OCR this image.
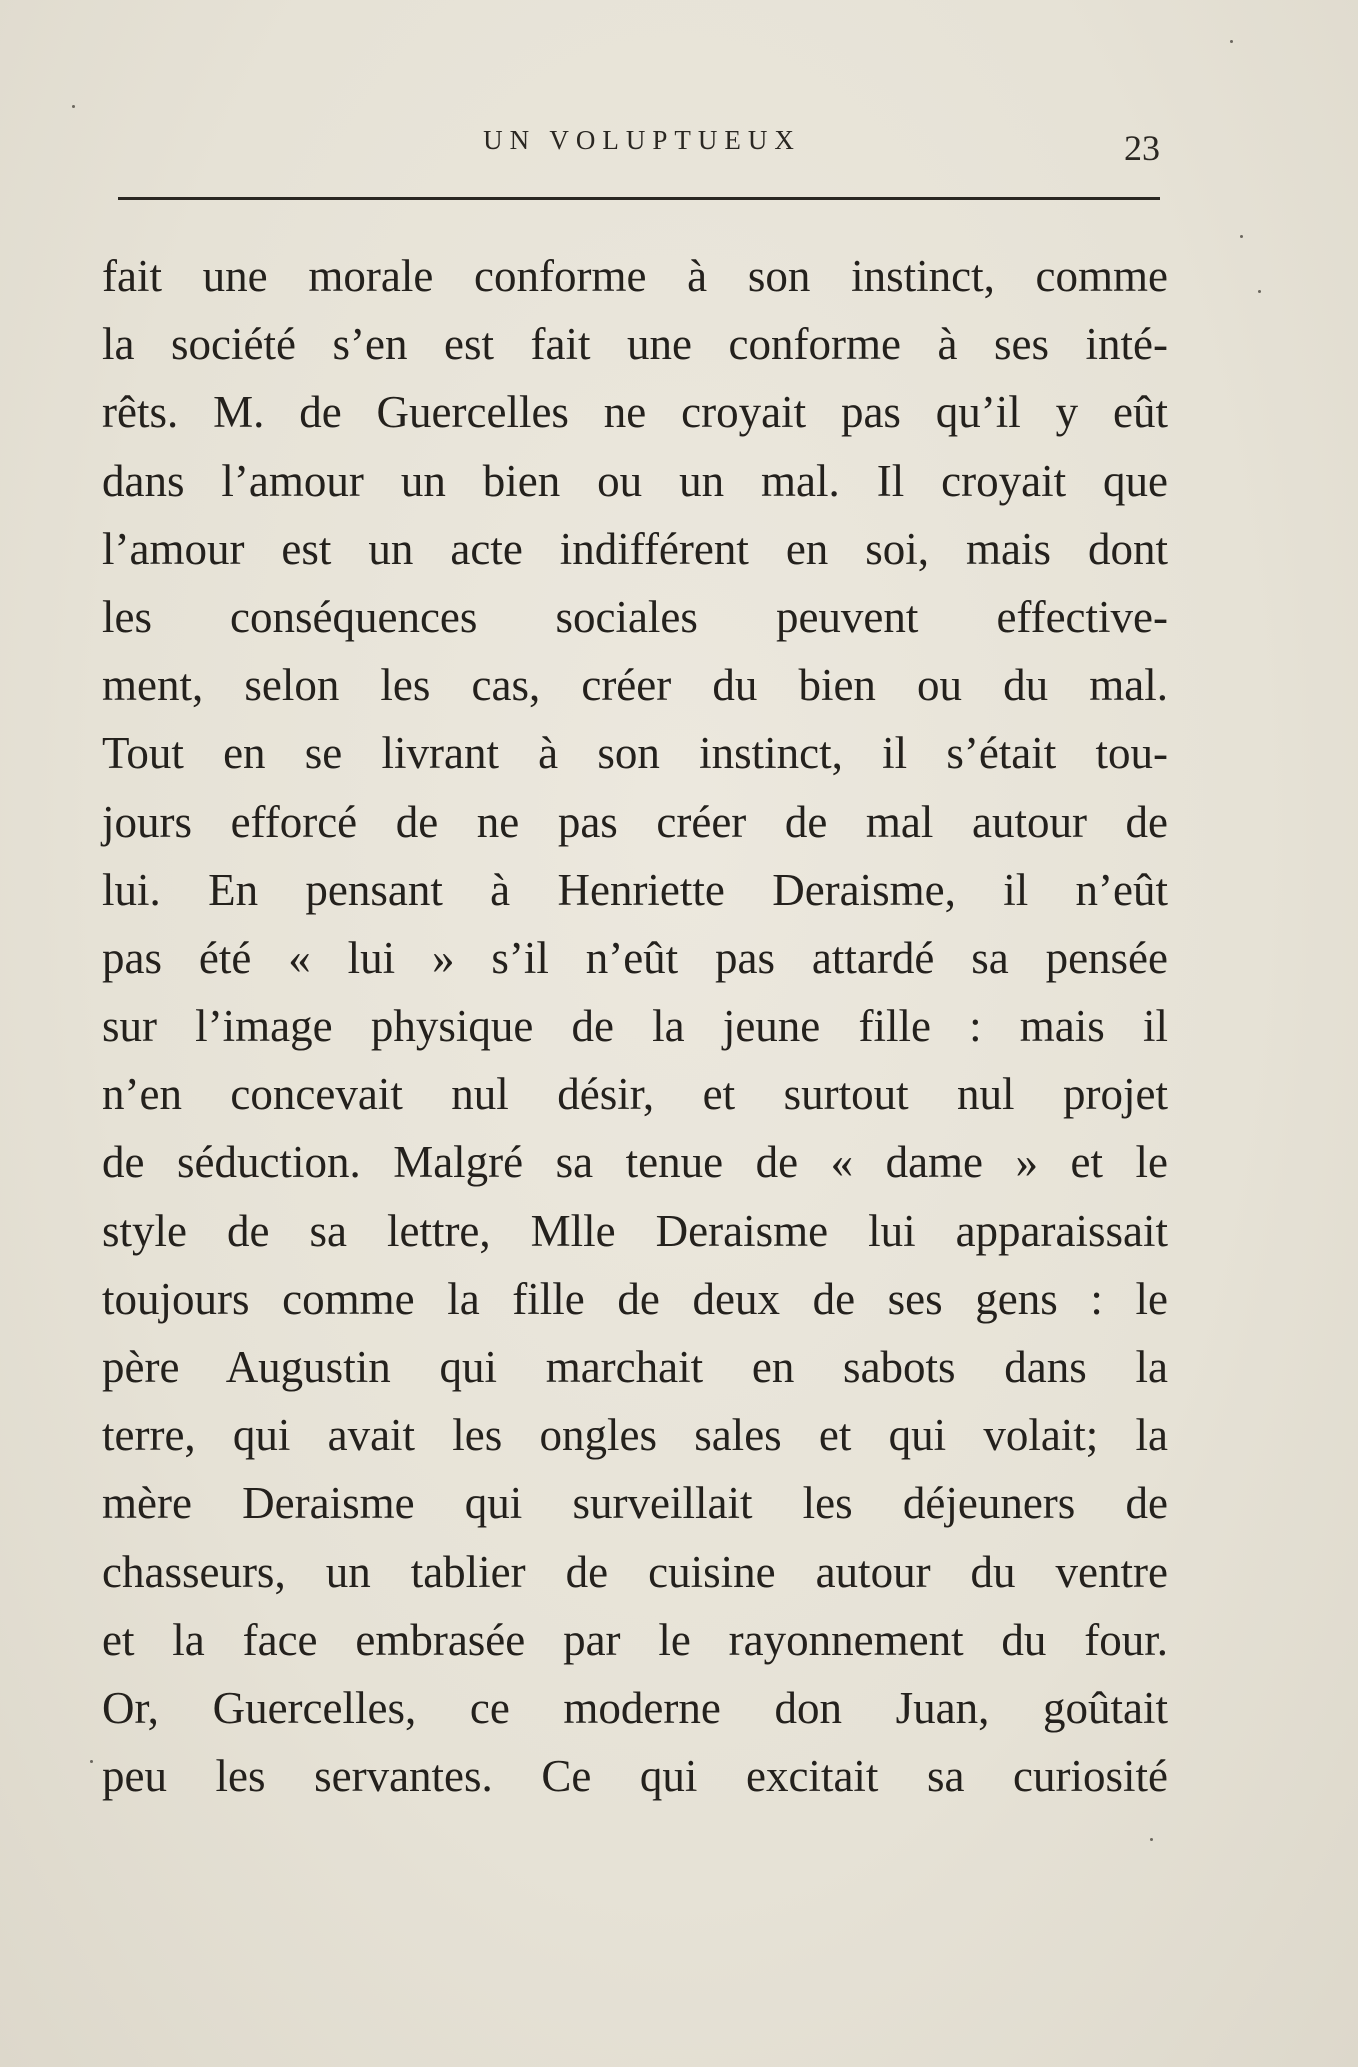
UN VOLUPTUEUX	23
fait une morale conforme à son instinct, comme
la société s’en est fait une conforme à ses inté-
rêts. M. de Guercelles ne croyait pas qu’il y eût
dans l’amour un bien ou un mal. Il croyait que
l’amour est un acte indifférent en soi, mais dont
les conséquences sociales peuvent effective-
ment, selon les cas, créer du bien ou du mal.
Tout en se livrant à son instinct, il s’était tou-
jours efforcé de ne pas créer de mal autour de
lui. En pensant à Henriette Deraisme, il n’eût
pas été « lui » s’il n’eût pas attardé sa pensée
sur l’image physique de la jeune fille : mais il
n’en concevait nul désir, et surtout nul projet
de séduction. Malgré sa tenue de « dame » et le
style de sa lettre, Mlle Deraisme lui apparaissait
toujours comme la fille de deux de ses gens : le
père Augustin qui marchait en sabots dans la
terre, qui avait les ongles sales et qui volait; la
mère Deraisme qui surveillait les déjeuners de
chasseurs, un tablier de cuisine autour du ventre
et la face embrasée par le rayonnement du four.
Or, Guercelles, ce moderne don Juan, goûtait
peu les servantes. Ce qui excitait sa curiosité
